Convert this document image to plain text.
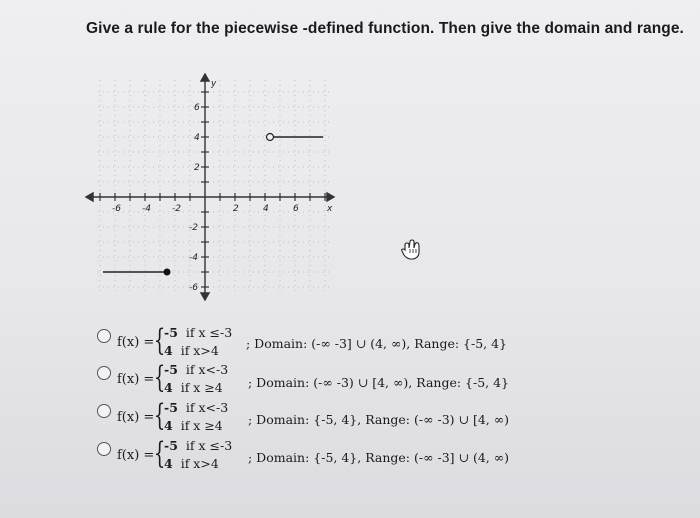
Give a rule for the piecewise -defined function. Then give the domain and range.
-6 -4 -2	2	4	6	x
6
4
2
-2
-4
-6
y
f(x) = {
-5 if x ≤-3
4 if x>4 ; Domain: (-∞ -3] ∪ (4, ∞), Range: {-5, 4}
f(x) = {
-5 if x<-3
4 if x ≥4 ; Domain: (-∞ -3) ∪ [4, ∞), Range: {-5, 4}
f(x) = {
-5 if x<-3
4 if x ≥4 ; Domain: {-5, 4}, Range: (-∞ -3) ∪ [4, ∞)
f(x) = {
-5 if x ≤-3
4 if x>4 ; Domain: {-5, 4}, Range: (-∞ -3] ∪ (4, ∞)
